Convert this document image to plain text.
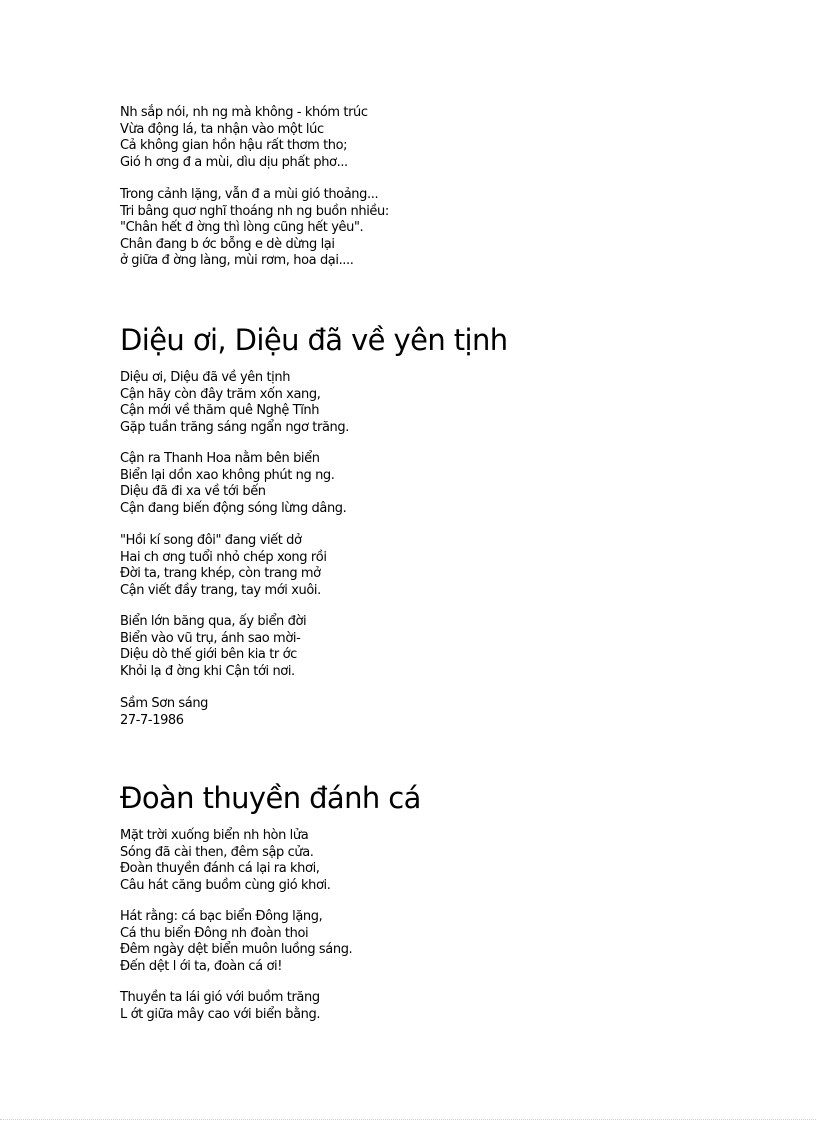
Nh sắp nói, nh ng mà không - khóm trúc
Vừa động lá, ta nhận vào một lúc
Cả không gian hồn hậu rất thơm tho;
Gió h ơng đ a mùi, dìu dịu phất phơ...
Trong cảnh lặng, vẫn đ a mùi gió thoảng...
Tri bâng quơ nghĩ thoáng nh ng buồn nhiều:
"Chân hết đ ờng thì lòng cũng hết yêu".
Chân đang b ớc bỗng e dè dừng lại
ở giữa đ ờng làng, mùi rơm, hoa dại....
Diệu ơi, Diệu đã về yên tịnh
Diệu ơi, Diệu đã về yên tịnh
Cận hãy còn đây trăm xốn xang,
Cận mới về thăm quê Nghệ Tĩnh
Gặp tuần trăng sáng ngẩn ngơ trăng.
Cận ra Thanh Hoa nằm bên biển
Biển lại dồn xao không phút ng ng.
Diệu đã đi xa về tới bến
Cận đang biến động sóng lừng dâng.
"Hồi kí song đôi" đang viết dở
Hai ch ơng tuổi nhỏ chép xong rồi
Đời ta, trang khép, còn trang mở
Cận viết đầy trang, tay mới xuôi.
Biển lớn băng qua, ấy biển đời
Biển vào vũ trụ, ánh sao mời-
Diệu dò thế giới bên kia tr ớc
Khỏi lạ đ ờng khi Cận tới nơi.
Sầm Sơn sáng
27-7-1986
Đoàn thuyền đánh cá
Mặt trời xuống biển nh hòn lửa
Sóng đã cài then, đêm sập cửa.
Đoàn thuyền đánh cá lại ra khơi,
Câu hát căng buồm cùng gió khơi.
Hát rằng: cá bạc biển Đông lặng,
Cá thu biển Đông nh đoàn thoi
Đêm ngày dệt biển muôn luồng sáng.
Đến dệt l ới ta, đoàn cá ơi!
Thuyền ta lái gió với buồm trăng
L ớt giữa mây cao với biển bằng.
